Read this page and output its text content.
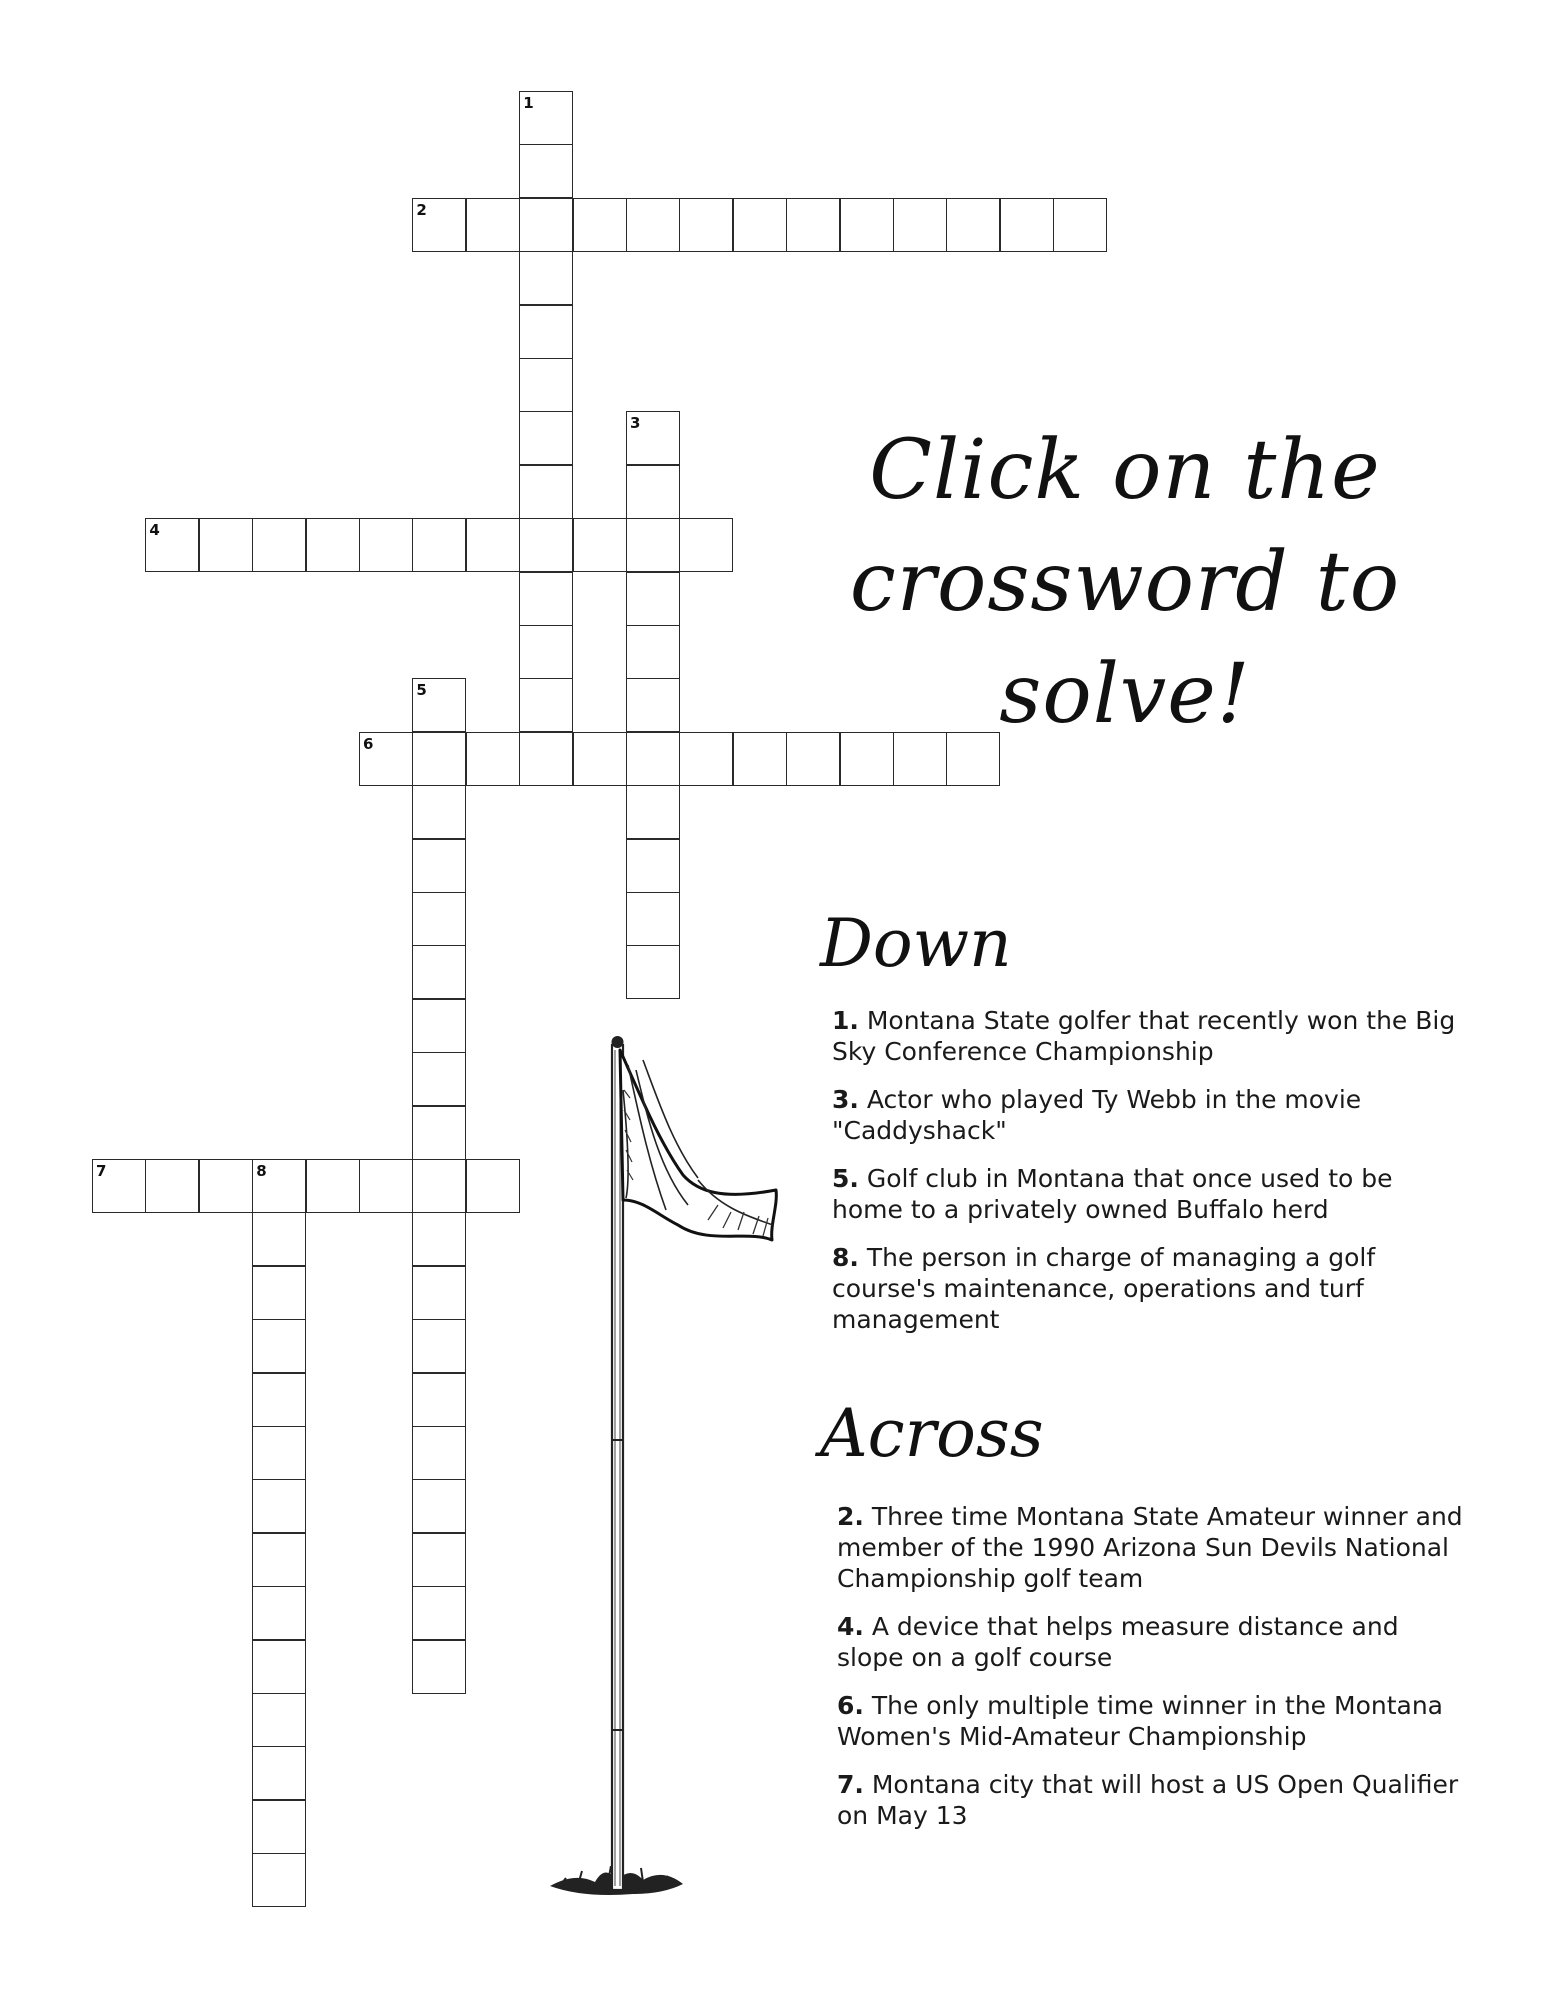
1
2
3
4
5
6
7	8
Click on the
crossword to solve!
Down

1. Montana State golfer that recently won the Big Sky Conference Championship

3. Actor who played Ty Webb in the movie "Caddyshack"

5. Golf club in Montana that once used to be home to a privately owned Buffalo herd

8. The person in charge of managing a golf course's maintenance, operations and turf management

Across

2. Three time Montana State Amateur winner and member of the 1990 Arizona Sun Devils National Championship golf team

4. A device that helps measure distance and slope on a golf course

6. The only multiple time winner in the Montana Women's Mid-Amateur Championship

7. Montana city that will host a US Open Qualifier on May 13
